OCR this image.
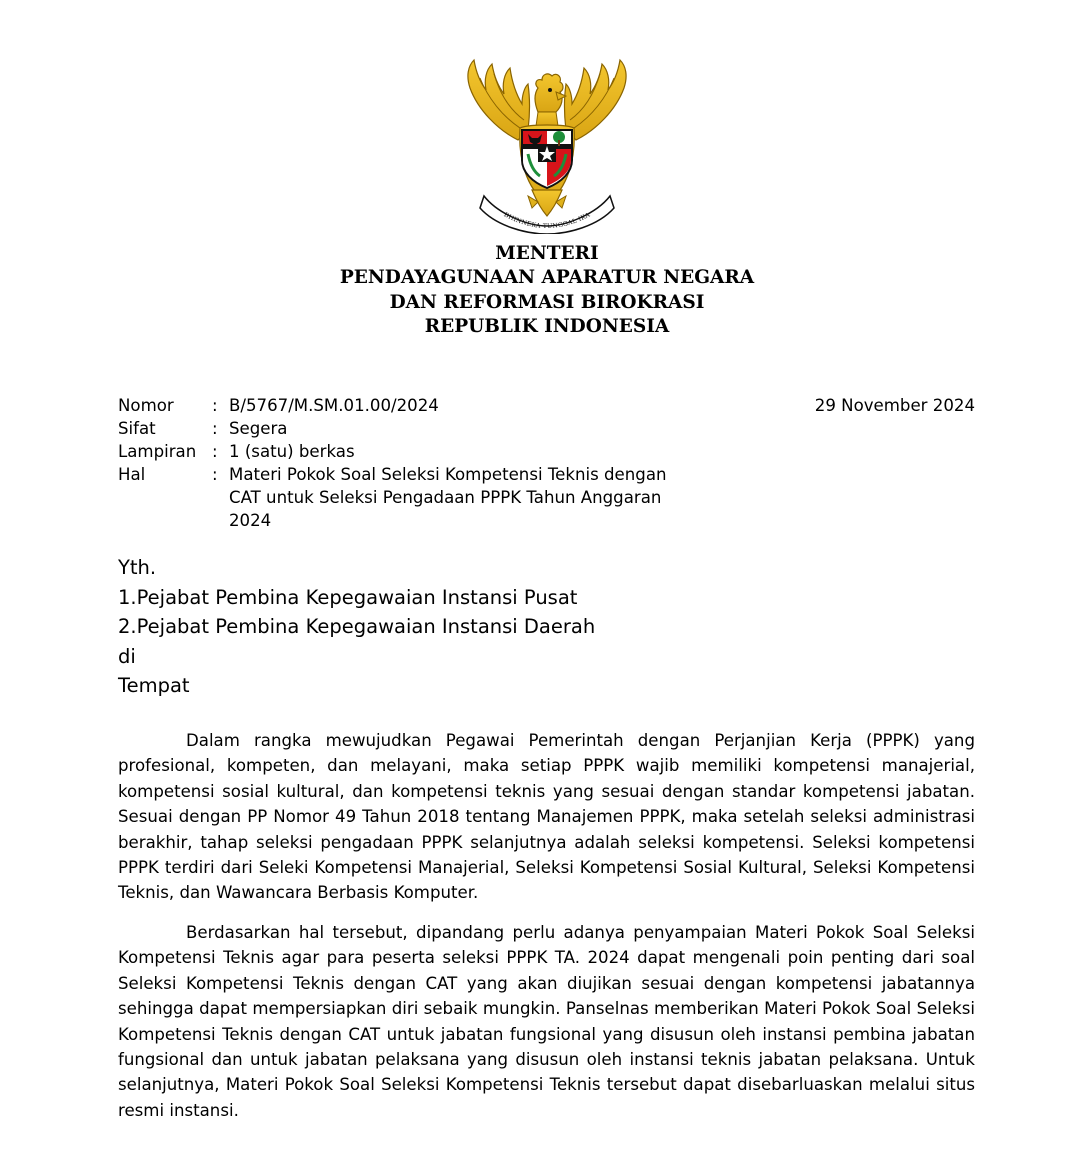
BHINNEKA TUNGGAL IKA
MENTERI
PENDAYAGUNAAN APARATUR NEGARA
DAN REFORMASI BIROKRASI
REPUBLIK INDONESIA
Nomor	: B/5767/M.SM.01.00/2024
Sifat	: Segera
Lampiran : 1 (satu) berkas
Hal	: Materi Pokok Soal Seleksi Kompetensi Teknis dengan CAT untuk Seleksi Pengadaan PPPK Tahun Anggaran 2024
29 November 2024
Yth.
1.Pejabat Pembina Kepegawaian Instansi Pusat
2.Pejabat Pembina Kepegawaian Instansi Daerah
di
Tempat

Dalam rangka mewujudkan Pegawai Pemerintah dengan Perjanjian Kerja (PPPK) yang profesional, kompeten, dan melayani, maka setiap PPPK wajib memiliki kompetensi manajerial, kompetensi sosial kultural, dan kompetensi teknis yang sesuai dengan standar kompetensi jabatan. Sesuai dengan PP Nomor 49 Tahun 2018 tentang Manajemen PPPK, maka setelah seleksi administrasi berakhir, tahap seleksi pengadaan PPPK selanjutnya adalah seleksi kompetensi. Seleksi kompetensi PPPK terdiri dari Seleki Kompetensi Manajerial, Seleksi Kompetensi Sosial Kultural, Seleksi Kompetensi Teknis, dan Wawancara Berbasis Komputer.

Berdasarkan hal tersebut, dipandang perlu adanya penyampaian Materi Pokok Soal Seleksi Kompetensi Teknis agar para peserta seleksi PPPK TA. 2024 dapat mengenali poin penting dari soal Seleksi Kompetensi Teknis dengan CAT yang akan diujikan sesuai dengan kompetensi jabatannya sehingga dapat mempersiapkan diri sebaik mungkin. Panselnas memberikan Materi Pokok Soal Seleksi Kompetensi Teknis dengan CAT untuk jabatan fungsional yang disusun oleh instansi pembina jabatan fungsional dan untuk jabatan pelaksana yang disusun oleh instansi teknis jabatan pelaksana. Untuk selanjutnya, Materi Pokok Soal Seleksi Kompetensi Teknis tersebut dapat disebarluaskan melalui situs resmi instansi.
